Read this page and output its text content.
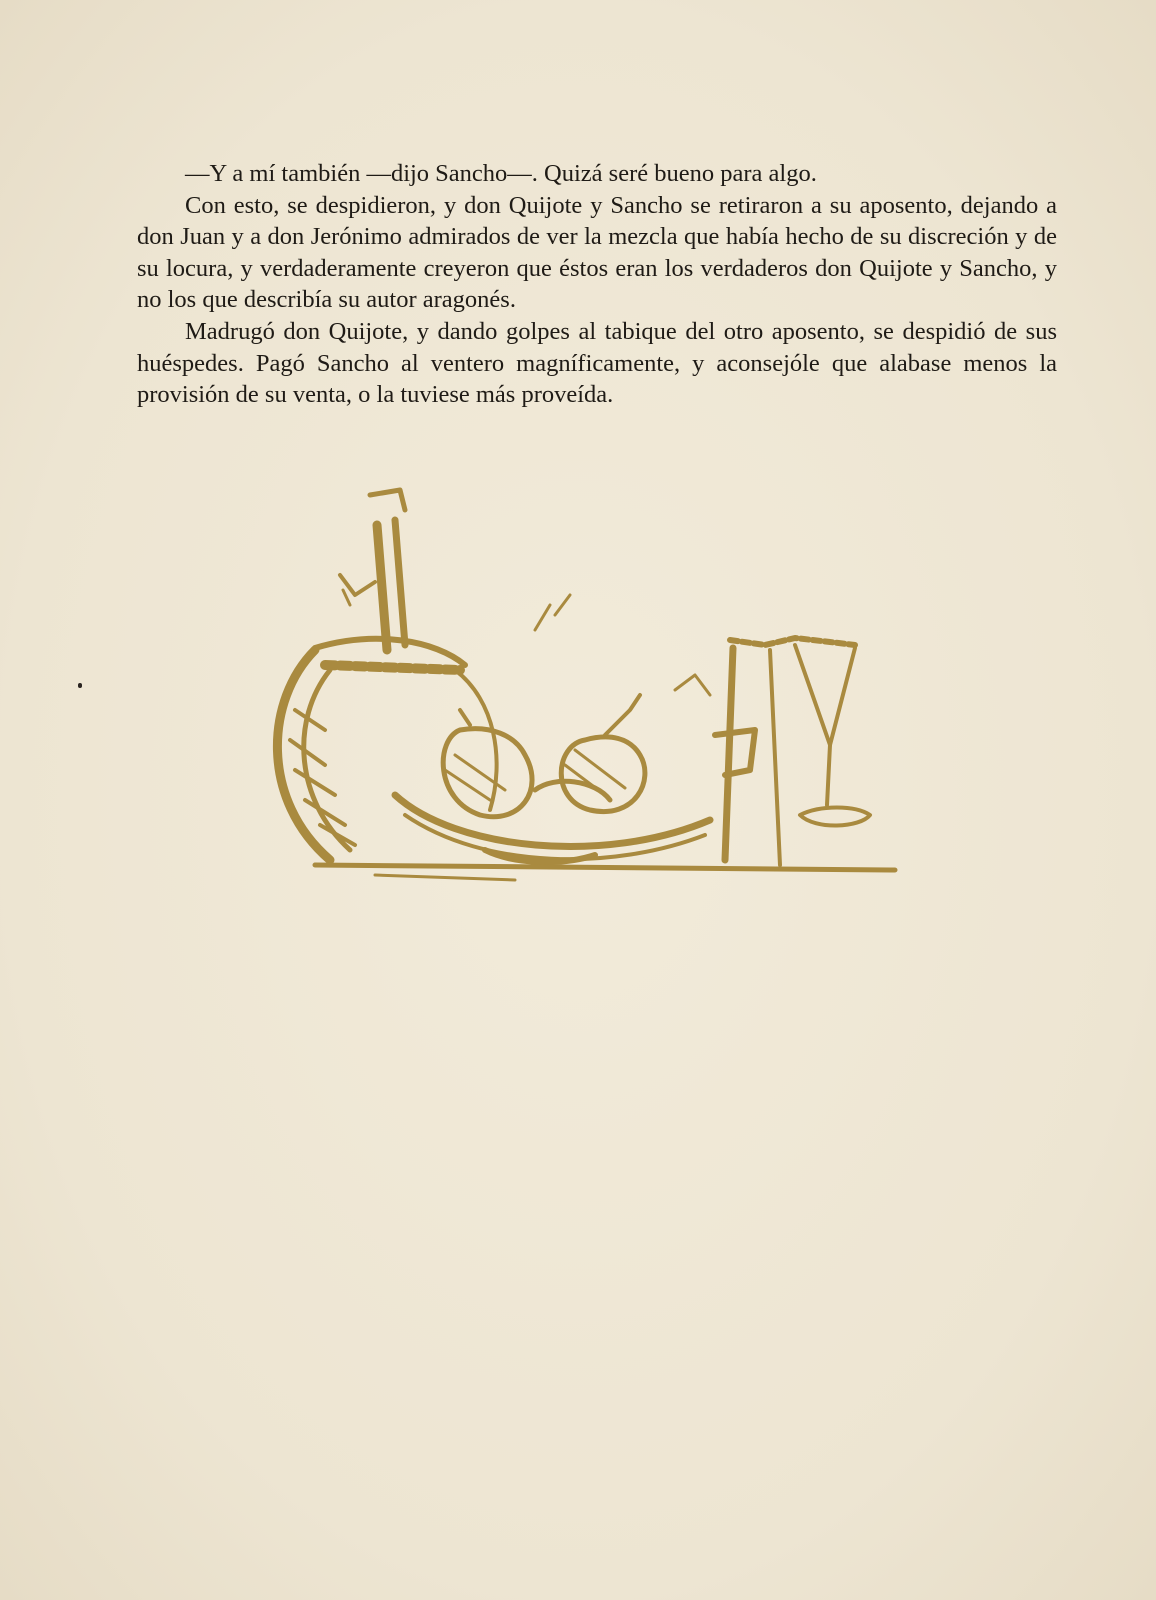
—Y a mí también —dijo Sancho—. Quizá seré bueno para algo.

Con esto, se despidieron, y don Quijote y Sancho se retiraron a su aposento, dejando a don Juan y a don Jerónimo admirados de ver la mezcla que había hecho de su discreción y de su locura, y verdaderamente creyeron que éstos eran los verdaderos don Quijote y Sancho, y no los que describía su autor aragonés.

Madrugó don Quijote, y dando golpes al tabique del otro aposento, se despidió de sus huéspedes. Pagó Sancho al ventero magníficamente, y aconsejóle que alabase menos la provisión de su venta, o la tuviese más proveída.
